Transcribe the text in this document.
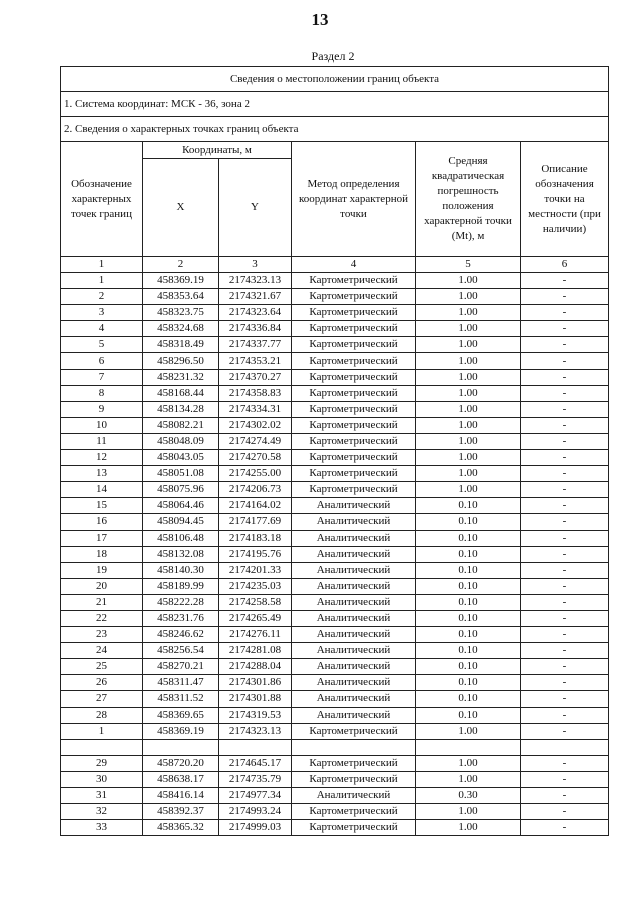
13
Раздел 2
Сведения о местоположении границ объекта					
1. Система координат: МСК - 36, зона 2					
2. Сведения о характерных точках границ объекта					
Обозначение характерных точек границ	Координаты, м		Метод определения координат характерной точки	Средняя квадратическая погрешность положения характерной точки (Mt), м	Описание обозначения точки на местности (при наличии)
	X	Y			
1	2	3	4	5	6
1	458369.19	2174323.13	Картометрический	1.00	-
2	458353.64	2174321.67	Картометрический	1.00	-
3	458323.75	2174323.64	Картометрический	1.00	-
4	458324.68	2174336.84	Картометрический	1.00	-
5	458318.49	2174337.77	Картометрический	1.00	-
6	458296.50	2174353.21	Картометрический	1.00	-
7	458231.32	2174370.27	Картометрический	1.00	-
8	458168.44	2174358.83	Картометрический	1.00	-
9	458134.28	2174334.31	Картометрический	1.00	-
10	458082.21	2174302.02	Картометрический	1.00	-
11	458048.09	2174274.49	Картометрический	1.00	-
12	458043.05	2174270.58	Картометрический	1.00	-
13	458051.08	2174255.00	Картометрический	1.00	-
14	458075.96	2174206.73	Картометрический	1.00	-
15	458064.46	2174164.02	Аналитический	0.10	-
16	458094.45	2174177.69	Аналитический	0.10	-
17	458106.48	2174183.18	Аналитический	0.10	-
18	458132.08	2174195.76	Аналитический	0.10	-
19	458140.30	2174201.33	Аналитический	0.10	-
20	458189.99	2174235.03	Аналитический	0.10	-
21	458222.28	2174258.58	Аналитический	0.10	-
22	458231.76	2174265.49	Аналитический	0.10	-
23	458246.62	2174276.11	Аналитический	0.10	-
24	458256.54	2174281.08	Аналитический	0.10	-
25	458270.21	2174288.04	Аналитический	0.10	-
26	458311.47	2174301.86	Аналитический	0.10	-
27	458311.52	2174301.88	Аналитический	0.10	-
28	458369.65	2174319.53	Аналитический	0.10	-
1	458369.19	2174323.13	Картометрический	1.00	-

29	458720.20	2174645.17	Картометрический	1.00	-
30	458638.17	2174735.79	Картометрический	1.00	-
31	458416.14	2174977.34	Аналитический	0.30	-
32	458392.37	2174993.24	Картометрический	1.00	-
33	458365.32	2174999.03	Картометрический	1.00	-
